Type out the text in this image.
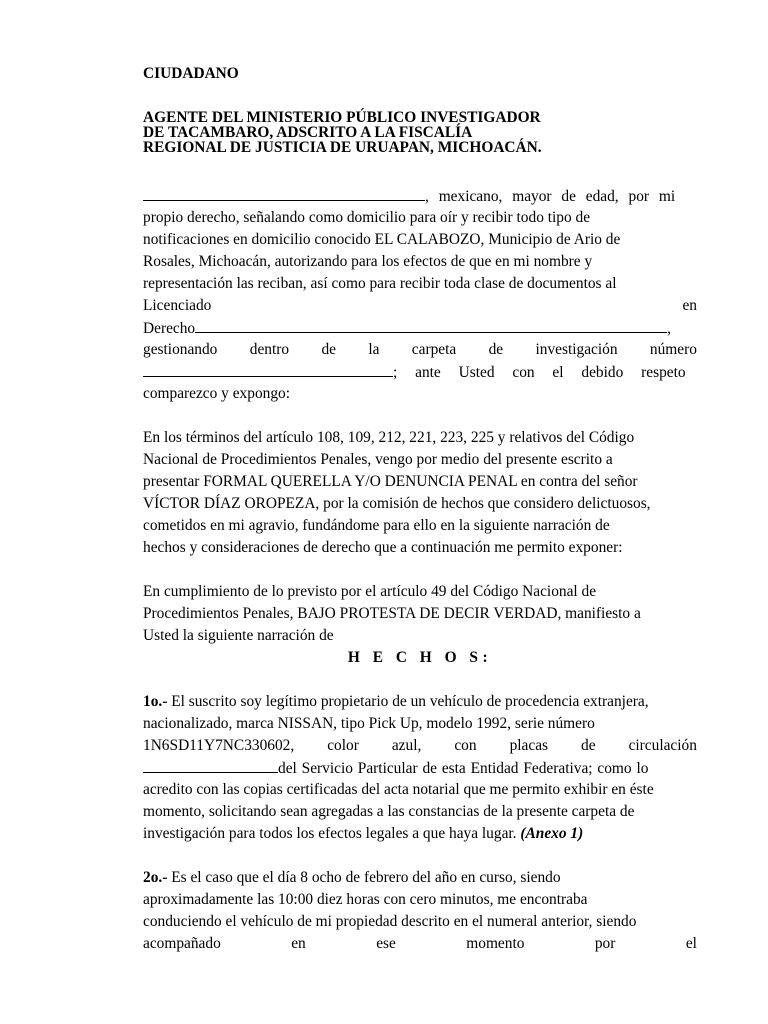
CIUDADANO
AGENTE DEL MINISTERIO PÚBLICO INVESTIGADOR
DE TACAMBARO, ADSCRITO A LA FISCALÍA
REGIONAL DE JUSTICIA DE URUAPAN, MICHOACÁN.
, mexicano, mayor de edad, por mi
propio derecho, señalando como domicilio para oír y recibir todo tipo de
notificaciones en domicilio conocido EL CALABOZO, Municipio de Ario de
Rosales, Michoacán, autorizando para los efectos de que en mi nombre y
representación las reciban, así como para recibir toda clase de documentos al
Licenciado	en
Derecho	,
gestionando dentro de la carpeta de investigación número
; ante Usted con el debido respeto
comparezco y expongo:
En los términos del artículo 108, 109, 212, 221, 223, 225 y relativos del Código
Nacional de Procedimientos Penales, vengo por medio del presente escrito a
presentar FORMAL QUERELLA Y/O DENUNCIA PENAL en contra del señor
VÍCTOR DÍAZ OROPEZA, por la comisión de hechos que considero delictuosos,
cometidos en mi agravio, fundándome para ello en la siguiente narración de
hechos y consideraciones de derecho que a continuación me permito exponer:
En cumplimiento de lo previsto por el artículo 49 del Código Nacional de
Procedimientos Penales, BAJO PROTESTA DE DECIR VERDAD, manifiesto a
Usted la siguiente narración de
H E C H O S:
1o.- El suscrito soy legítimo propietario de un vehículo de procedencia extranjera,
nacionalizado, marca NISSAN, tipo Pick Up, modelo 1992, serie número
1N6SD11Y7NC330602, color azul, con placas de circulación
del Servicio Particular de esta Entidad Federativa; como lo
acredito con las copias certificadas del acta notarial que me permito exhibir en éste
momento, solicitando sean agregadas a las constancias de la presente carpeta de
investigación para todos los efectos legales a que haya lugar. (Anexo 1)
2o.- Es el caso que el día 8 ocho de febrero del año en curso, siendo
aproximadamente las 10:00 diez horas con cero minutos, me encontraba
conduciendo el vehículo de mi propiedad descrito en el numeral anterior, siendo
acompañado	en	ese	momento	por	el
